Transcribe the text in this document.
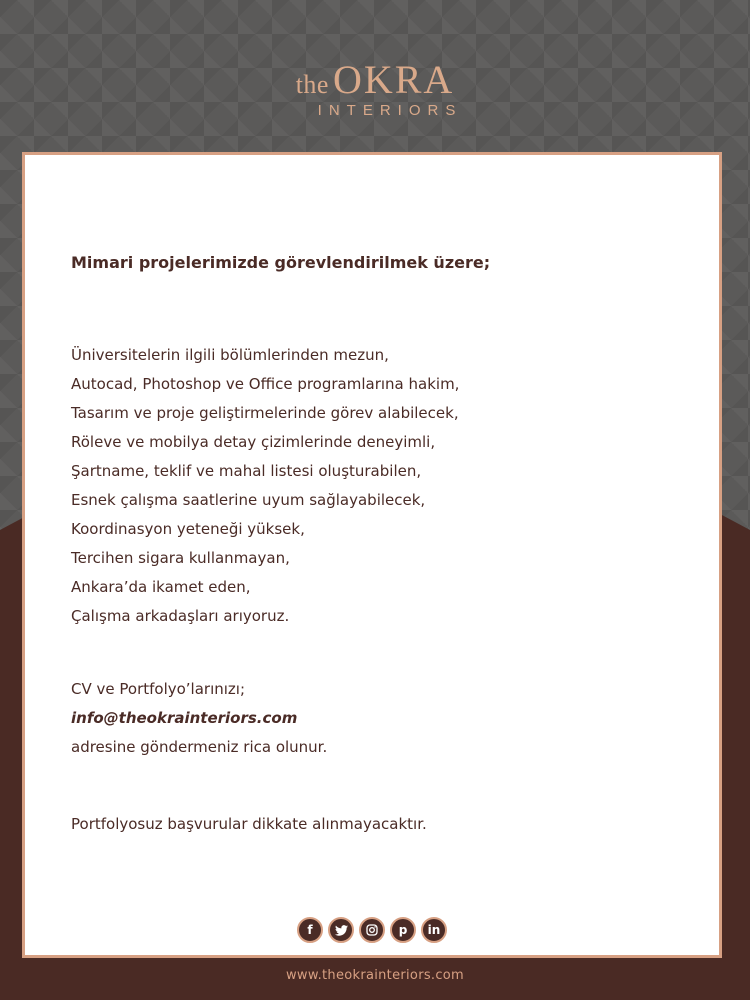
the OKRA
INTERIORS

Mimari projelerimizde görevlendirilmek üzere;

Üniversitelerin ilgili bölümlerinden mezun,
Autocad, Photoshop ve Office programlarına hakim,
Tasarım ve proje geliştirmelerinde görev alabilecek,
Röleve ve mobilya detay çizimlerinde deneyimli,
Şartname, teklif ve mahal listesi oluşturabilen,
Esnek çalışma saatlerine uyum sağlayabilecek,
Koordinasyon yeteneği yüksek,
Tercihen sigara kullanmayan,
Ankara’da ikamet eden,
Çalışma arkadaşları arıyoruz.
CV ve Portfolyo’larınızı;
info@theokrainteriors.com
adresine göndermeniz rica olunur.
Portfolyosuz başvurular dikkate alınmayacaktır.
f	p in
www.theokrainteriors.com
